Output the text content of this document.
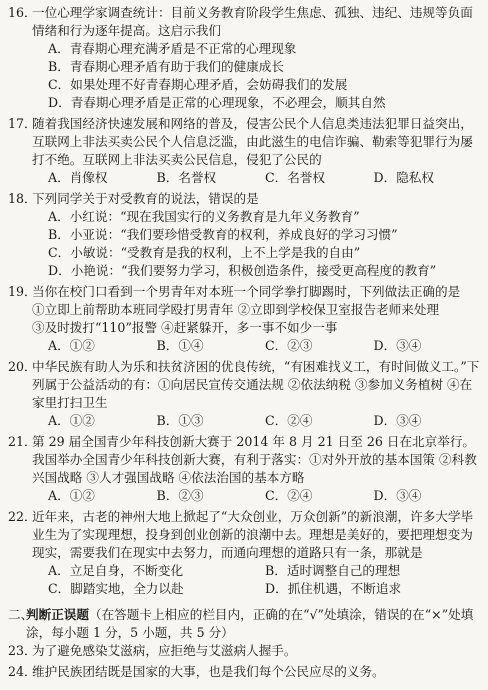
16．
一位心理学家调查统计：目前义务教育阶段学生焦虑、孤独、违纪、违规等负面情绪和行为逐年提高。这启示我们
A．青春期心理充满矛盾是不正常的心理现象
B．青春期心理矛盾有助于我们的健康成长
C．如果处理不好青春期心理矛盾，会妨碍我们的发展
D．青春期心理矛盾是正常的心理现象，不必理会，顺其自然
17．
随着我国经济快速发展和网络的普及，侵害公民个人信息类违法犯罪日益突出，互联网上非法买卖公民个人信息泛滥，由此滋生的电信诈骗、勒索等犯罪行为屡打不绝。互联网上非法买卖公民信息，侵犯了公民的
A．肖像权	B．名誉权	C．名誉权	D．隐私权
18．
下列同学关于对受教育的说法，错误的是
A．小红说：“现在我国实行的义务教育是九年义务教育”
B．小亚说：“我们要珍惜受教育的权利，养成良好的学习习惯”
C．小敏说：“受教育是我的权利，上不上学是我的自由”
D．小艳说：“我们要努力学习，积极创造条件，接受更高程度的教育”
19．
当你在校门口看到一个男青年对本班一个同学拳打脚踢时，下列做法正确的是
①立即上前帮助本班同学殴打男青年 ②立即到学校保卫室报告老师来处理
③及时拨打“110”报警 ④赶紧躲开，多一事不如少一事
A．①②	B．①④	C．②③	D．③④
20．
中华民族有助人为乐和扶贫济困的优良传统，“有困难找义工，有时间做义工。”下列属于公益活动的有：①向居民宣传交通法规 ②依法纳税 ③参加义务植树 ④在家里打扫卫生
A．①②	B．①③	C．②④	D．③④
21．
第 29 届全国青少年科技创新大赛于 2014 年 8 月 21 日至 26 日在北京举行。我国举办全国青少年科技创新大赛，有利于落实：①对外开放的基本国策 ②科教兴国战略 ③人才强国战略 ④依法治国的基本方略
A．①②	B．②③	C．②④	D．③④
22．
近年来，古老的神州大地上掀起了“大众创业，万众创新”的新浪潮，许多大学毕业生为了实现理想，投身到创业创新的浪潮中去。理想是美好的，要把理想变为现实，需要我们在现实中去努力，而通向理想的道路只有一条，那就是
A．立足自身，不断变化	B．适时调整自己的理想
C．脚踏实地，全力以赴	D．抓住机遇，不断追求
二、
判断正误题（在答题卡上相应的栏目内，正确的在“√”处填涂，错误的在“×”处填涂，每小题 1 分，5 小题，共 5 分）
23．
为了避免感染艾滋病，应拒绝与艾滋病人握手。
24．
维护民族团结既是国家的大事，也是我们每个公民应尽的义务。
